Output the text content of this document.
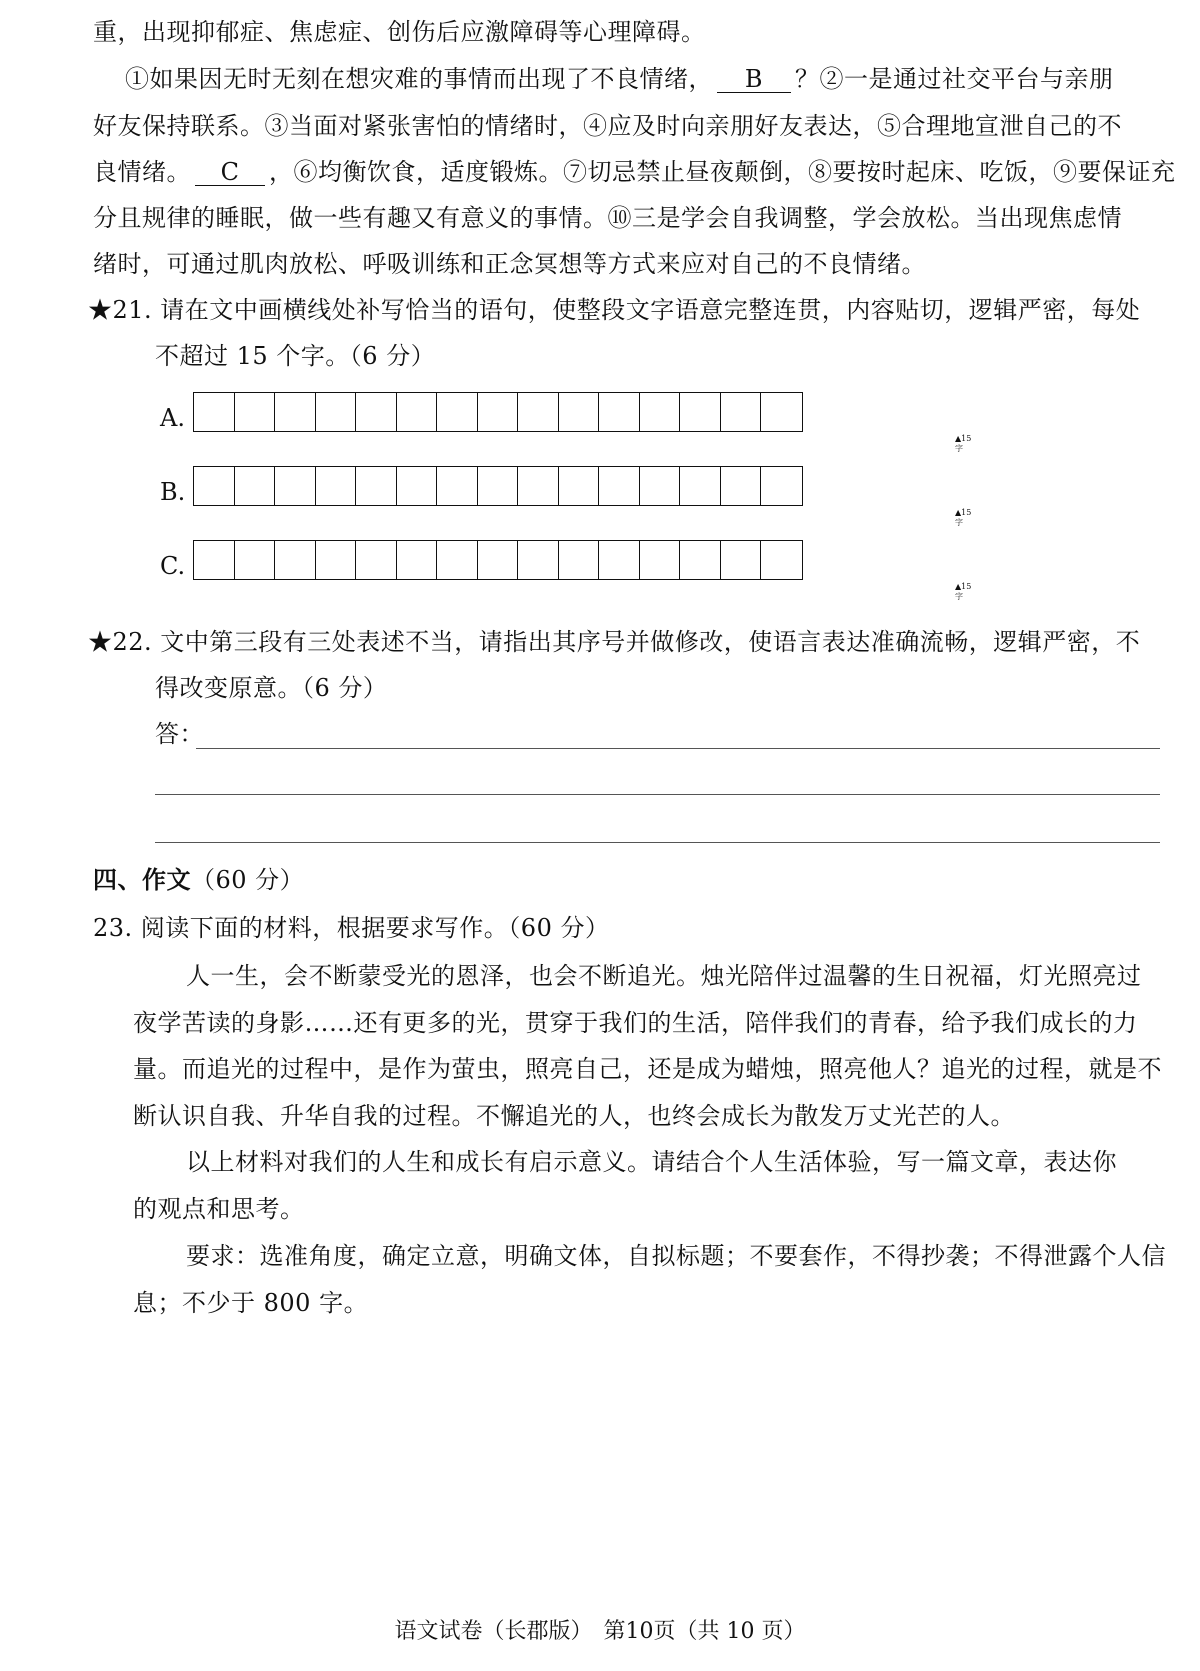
重，出现抑郁症、焦虑症、创伤后应激障碍等心理障碍。
①如果因无时无刻在想灾难的事情而出现了不良情绪， B ？②一是通过社交平台与亲朋
好友保持联系。③当面对紧张害怕的情绪时，④应及时向亲朋好友表达，⑤合理地宣泄自己的不
良情绪。 C ，⑥均衡饮食，适度锻炼。⑦切忌禁止昼夜颠倒，⑧要按时起床、吃饭，⑨要保证充
分且规律的睡眠，做一些有趣又有意义的事情。⑩三是学会自我调整，学会放松。当出现焦虑情
绪时，可通过肌肉放松、呼吸训练和正念冥想等方式来应对自己的不良情绪。
★21. 请在文中画横线处补写恰当的语句，使整段文字语意完整连贯，内容贴切，逻辑严密，每处
不超过 15 个字。（6 分）
A.
▲15字
B.
▲15字
C.
▲15字
★22. 文中第三段有三处表述不当，请指出其序号并做修改，使语言表达准确流畅，逻辑严密，不
得改变原意。（6 分）
答：
四、作文（60 分）
23. 阅读下面的材料，根据要求写作。（60 分）
人一生，会不断蒙受光的恩泽，也会不断追光。烛光陪伴过温馨的生日祝福，灯光照亮过
夜学苦读的身影……还有更多的光，贯穿于我们的生活，陪伴我们的青春，给予我们成长的力
量。而追光的过程中，是作为萤虫，照亮自己，还是成为蜡烛，照亮他人？追光的过程，就是不
断认识自我、升华自我的过程。不懈追光的人，也终会成长为散发万丈光芒的人。
以上材料对我们的人生和成长有启示意义。请结合个人生活体验，写一篇文章，表达你
的观点和思考。
要求：选准角度，确定立意，明确文体，自拟标题；不要套作，不得抄袭；不得泄露个人信
息；不少于 800 字。
语文试卷（长郡版）　第10页（共 10 页）
